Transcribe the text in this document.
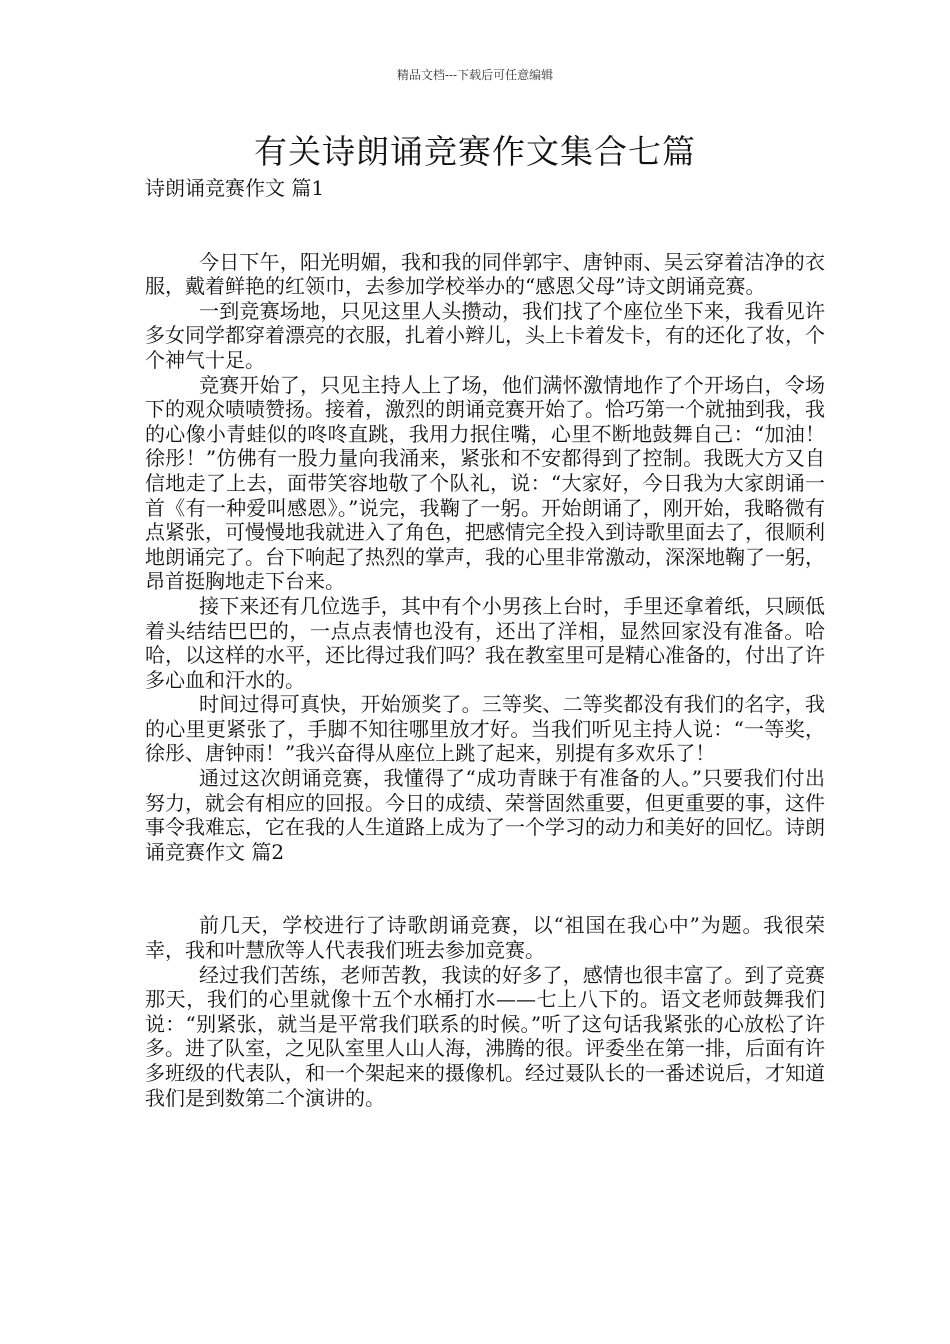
精品文档---下载后可任意编辑
有关诗朗诵竞赛作文集合七篇

诗朗诵竞赛作文 篇1

今日下午，阳光明媚，我和我的同伴郭宇、唐钟雨、吴云穿着洁净的衣服，戴着鲜艳的红领巾，去参加学校举办的“感恩父母”诗文朗诵竞赛。

一到竞赛场地，只见这里人头攒动，我们找了个座位坐下来，我看见许多女同学都穿着漂亮的衣服，扎着小辫儿，头上卡着发卡，有的还化了妆，个个神气十足。

竞赛开始了，只见主持人上了场，他们满怀激情地作了个开场白，令场下的观众啧啧赞扬。接着，激烈的朗诵竞赛开始了。恰巧第一个就抽到我，我的心像小青蛙似的咚咚直跳，我用力抿住嘴，心里不断地鼓舞自己：“加油！徐彤！”仿佛有一股力量向我涌来，紧张和不安都得到了控制。我既大方又自信地走了上去，面带笑容地敬了个队礼，说：“大家好，今日我为大家朗诵一首《有一种爱叫感恩》。”说完，我鞠了一躬。开始朗诵了，刚开始，我略微有点紧张，可慢慢地我就进入了角色，把感情完全投入到诗歌里面去了，很顺利地朗诵完了。台下响起了热烈的掌声，我的心里非常激动，深深地鞠了一躬，昂首挺胸地走下台来。

接下来还有几位选手，其中有个小男孩上台时，手里还拿着纸，只顾低着头结结巴巴的，一点点表情也没有，还出了洋相，显然回家没有准备。哈哈，以这样的水平，还比得过我们吗？我在教室里可是精心准备的，付出了许多心血和汗水的。

时间过得可真快，开始颁奖了。三等奖、二等奖都没有我们的名字，我的心里更紧张了，手脚不知往哪里放才好。当我们听见主持人说：“一等奖，徐彤、唐钟雨！”我兴奋得从座位上跳了起来，别提有多欢乐了！

通过这次朗诵竞赛，我懂得了“成功青睐于有准备的人。”只要我们付出努力，就会有相应的回报。今日的成绩、荣誉固然重要，但更重要的事，这件事令我难忘，它在我的人生道路上成为了一个学习的动力和美好的回忆。诗朗诵竞赛作文 篇2

前几天，学校进行了诗歌朗诵竞赛，以“祖国在我心中”为题。我很荣幸，我和叶慧欣等人代表我们班去参加竞赛。

经过我们苦练，老师苦教，我读的好多了，感情也很丰富了。到了竞赛那天，我们的心里就像十五个水桶打水——七上八下的。语文老师鼓舞我们说：“别紧张，就当是平常我们联系的时候。”听了这句话我紧张的心放松了许多。进了队室，之见队室里人山人海，沸腾的很。评委坐在第一排，后面有许多班级的代表队，和一个架起来的摄像机。经过聂队长的一番述说后，才知道我们是到数第二个演讲的。
